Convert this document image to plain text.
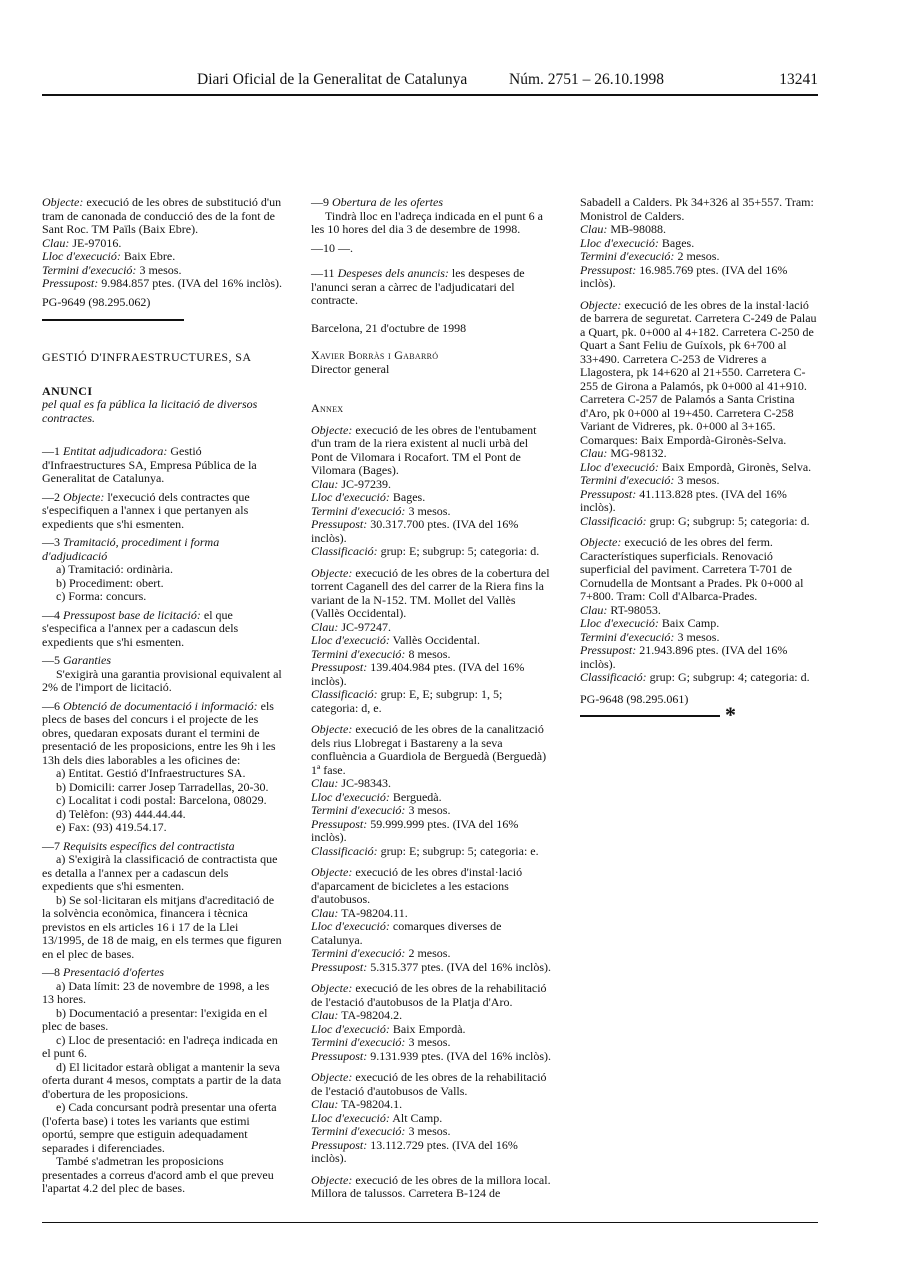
Diari Oficial de la Generalitat de Catalunya	Núm. 2751 – 26.10.1998	13241

Objecte: execució de les obres de substitució d'un tram de canonada de conducció des de la font de Sant Roc. TM Païls (Baix Ebre).

Clau: JE-97016.

Lloc d'execució: Baix Ebre.

Termini d'execució: 3 mesos.

Pressupost: 9.984.857 ptes. (IVA del 16% inclòs).

PG-9649 (98.295.062)

GESTIÓ D'INFRAESTRUCTURES, SA

ANUNCI

pel qual es fa pública la licitació de diversos contractes.

—1 Entitat adjudicadora: Gestió d'Infraestructures SA, Empresa Pública de la Generalitat de Catalunya.

—2 Objecte: l'execució dels contractes que s'especifiquen a l'annex i que pertanyen als expedients que s'hi esmenten.

—3 Tramitació, procediment i forma d'adjudicació

a) Tramitació: ordinària.

b) Procediment: obert.

c) Forma: concurs.

—4 Pressupost base de licitació: el que s'especifica a l'annex per a cadascun dels expedients que s'hi esmenten.

—5 Garanties

S'exigirà una garantia provisional equivalent al 2% de l'import de licitació.

—6 Obtenció de documentació i informació: els plecs de bases del concurs i el projecte de les obres, quedaran exposats durant el termini de presentació de les proposicions, entre les 9h i les 13h dels dies laborables a les oficines de:

a) Entitat. Gestió d'Infraestructures SA.

b) Domicili: carrer Josep Tarradellas, 20-30.

c) Localitat i codi postal: Barcelona, 08029.

d) Telèfon: (93) 444.44.44.

e) Fax: (93) 419.54.17.

—7 Requisits específics del contractista

a) S'exigirà la classificació de contractista que es detalla a l'annex per a cadascun dels expedients que s'hi esmenten.

b) Se sol·licitaran els mitjans d'acreditació de la solvència econòmica, financera i tècnica previstos en els articles 16 i 17 de la Llei 13/1995, de 18 de maig, en els termes que figuren en el plec de bases.

—8 Presentació d'ofertes

a) Data límit: 23 de novembre de 1998, a les 13 hores.

b) Documentació a presentar: l'exigida en el plec de bases.

c) Lloc de presentació: en l'adreça indicada en el punt 6.

d) El licitador estarà obligat a mantenir la seva oferta durant 4 mesos, comptats a partir de la data d'obertura de les proposicions.

e) Cada concursant podrà presentar una oferta (l'oferta base) i totes les variants que estimi oportú, sempre que estiguin adequadament separades i diferenciades.

També s'admetran les proposicions presentades a correus d'acord amb el que preveu l'apartat 4.2 del plec de bases.

—9 Obertura de les ofertes

Tindrà lloc en l'adreça indicada en el punt 6 a les 10 hores del dia 3 de desembre de 1998.

—10 —.

—11 Despeses dels anuncis: les despeses de l'anunci seran a càrrec de l'adjudicatari del contracte.

Barcelona, 21 d'octubre de 1998

Xavier Borràs i Gabarró

Director general

Annex

Objecte: execució de les obres de l'entubament d'un tram de la riera existent al nucli urbà del Pont de Vilomara i Rocafort. TM el Pont de Vilomara (Bages).

Clau: JC-97239.

Lloc d'execució: Bages.

Termini d'execució: 3 mesos.

Pressupost: 30.317.700 ptes. (IVA del 16% inclòs).

Classificació: grup: E; subgrup: 5; categoria: d.

Objecte: execució de les obres de la cobertura del torrent Caganell des del carrer de la Riera fins la variant de la N-152. TM. Mollet del Vallès (Vallès Occidental).

Clau: JC-97247.

Lloc d'execució: Vallès Occidental.

Termini d'execució: 8 mesos.

Pressupost: 139.404.984 ptes. (IVA del 16% inclòs).

Classificació: grup: E, E; subgrup: 1, 5; categoria: d, e.

Objecte: execució de les obres de la canalització dels rius Llobregat i Bastareny a la seva confluència a Guardiola de Berguedà (Berguedà) 1ª fase.

Clau: JC-98343.

Lloc d'execució: Berguedà.

Termini d'execució: 3 mesos.

Pressupost: 59.999.999 ptes. (IVA del 16% inclòs).

Classificació: grup: E; subgrup: 5; categoria: e.

Objecte: execució de les obres d'instal·lació d'aparcament de bicicletes a les estacions d'autobusos.

Clau: TA-98204.11.

Lloc d'execució: comarques diverses de Catalunya.

Termini d'execució: 2 mesos.

Pressupost: 5.315.377 ptes. (IVA del 16% inclòs).

Objecte: execució de les obres de la rehabilitació de l'estació d'autobusos de la Platja d'Aro.

Clau: TA-98204.2.

Lloc d'execució: Baix Empordà.

Termini d'execució: 3 mesos.

Pressupost: 9.131.939 ptes. (IVA del 16% inclòs).

Objecte: execució de les obres de la rehabilitació de l'estació d'autobusos de Valls.

Clau: TA-98204.1.

Lloc d'execució: Alt Camp.

Termini d'execució: 3 mesos.

Pressupost: 13.112.729 ptes. (IVA del 16% inclòs).

Objecte: execució de les obres de la millora local. Millora de talussos. Carretera B-124 de

Sabadell a Calders. Pk 34+326 al 35+557. Tram: Monistrol de Calders.

Clau: MB-98088.

Lloc d'execució: Bages.

Termini d'execució: 2 mesos.

Pressupost: 16.985.769 ptes. (IVA del 16% inclòs).

Objecte: execució de les obres de la instal·lació de barrera de seguretat. Carretera C-249 de Palau a Quart, pk. 0+000 al 4+182. Carretera C-250 de Quart a Sant Feliu de Guíxols, pk 6+700 al 33+490. Carretera C-253 de Vidreres a Llagostera, pk 14+620 al 21+550. Carretera C-255 de Girona a Palamós, pk 0+000 al 41+910. Carretera C-257 de Palamós a Santa Cristina d'Aro, pk 0+000 al 19+450. Carretera C-258 Variant de Vidreres, pk. 0+000 al 3+165. Comarques: Baix Empordà-Gironès-Selva.

Clau: MG-98132.

Lloc d'execució: Baix Empordà, Gironès, Selva.

Termini d'execució: 3 mesos.

Pressupost: 41.113.828 ptes. (IVA del 16% inclòs).

Classificació: grup: G; subgrup: 5; categoria: d.

Objecte: execució de les obres del ferm. Característiques superficials. Renovació superficial del paviment. Carretera T-701 de Cornudella de Montsant a Prades. Pk 0+000 al 7+800. Tram: Coll d'Albarca-Prades.

Clau: RT-98053.

Lloc d'execució: Baix Camp.

Termini d'execució: 3 mesos.

Pressupost: 21.943.896 ptes. (IVA del 16% inclòs).

Classificació: grup: G; subgrup: 4; categoria: d.

PG-9648 (98.295.061)

*
